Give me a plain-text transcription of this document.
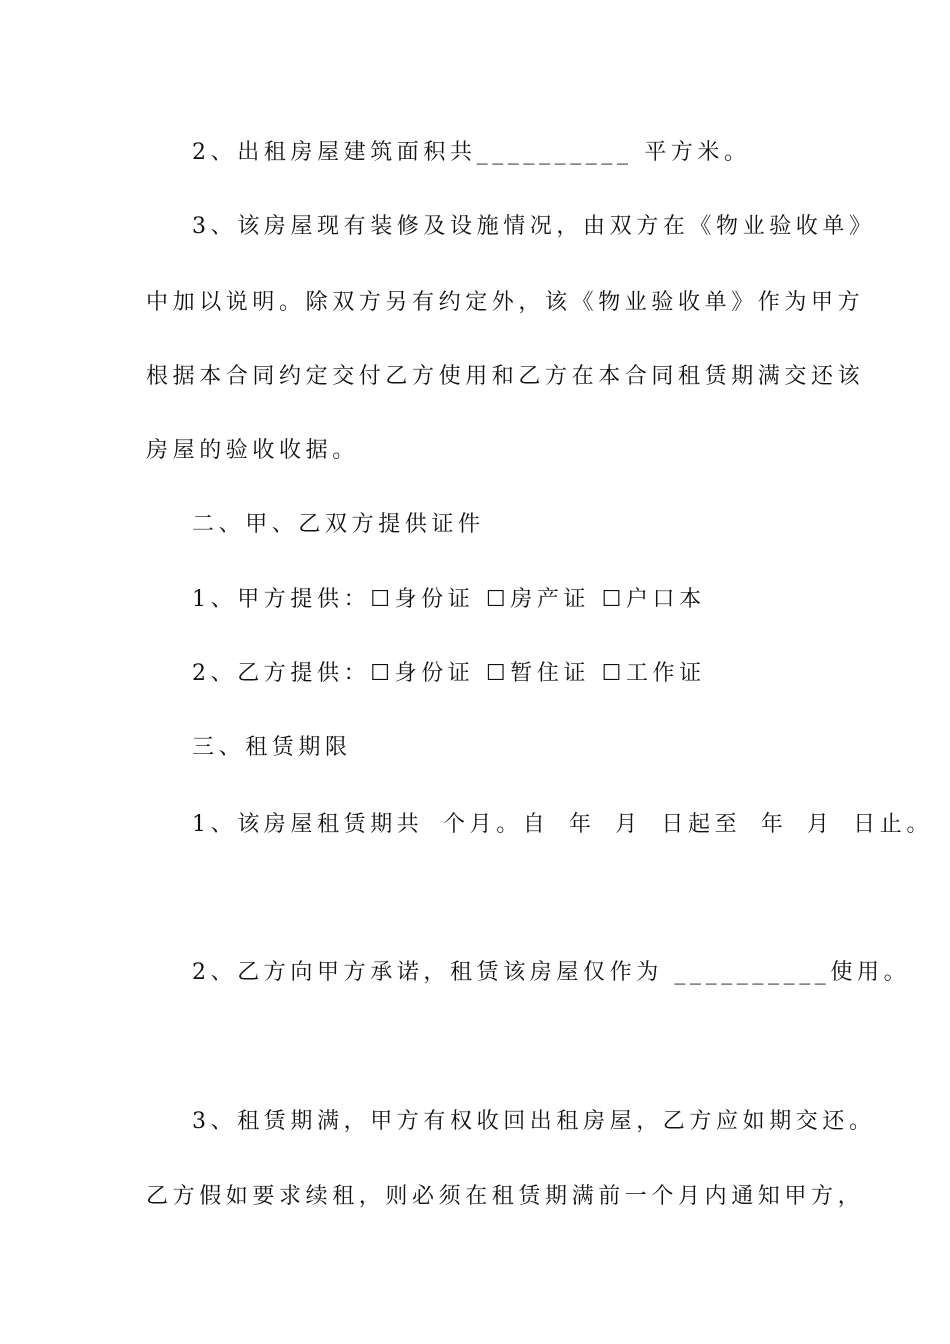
2、出租房屋建筑面积共__________ 平方米。
3、该房屋现有装修及设施情况，由双方在《物业验收单》
中加以说明。除双方另有约定外，该《物业验收单》作为甲方
根据本合同约定交付乙方使用和乙方在本合同租赁期满交还该
房屋的验收收据。
二、甲、乙双方提供证件
1、甲方提供：☐身份证 ☐房产证 ☐户口本
2、乙方提供：☐身份证 ☐暂住证 ☐工作证
三、租赁期限
1、该房屋租赁期共 个月。自 年 月 日起至 年 月 日止。
2、乙方向甲方承诺，租赁该房屋仅作为 __________使用。
3、租赁期满，甲方有权收回出租房屋，乙方应如期交还。
乙方假如要求续租，则必须在租赁期满前一个月内通知甲方，
